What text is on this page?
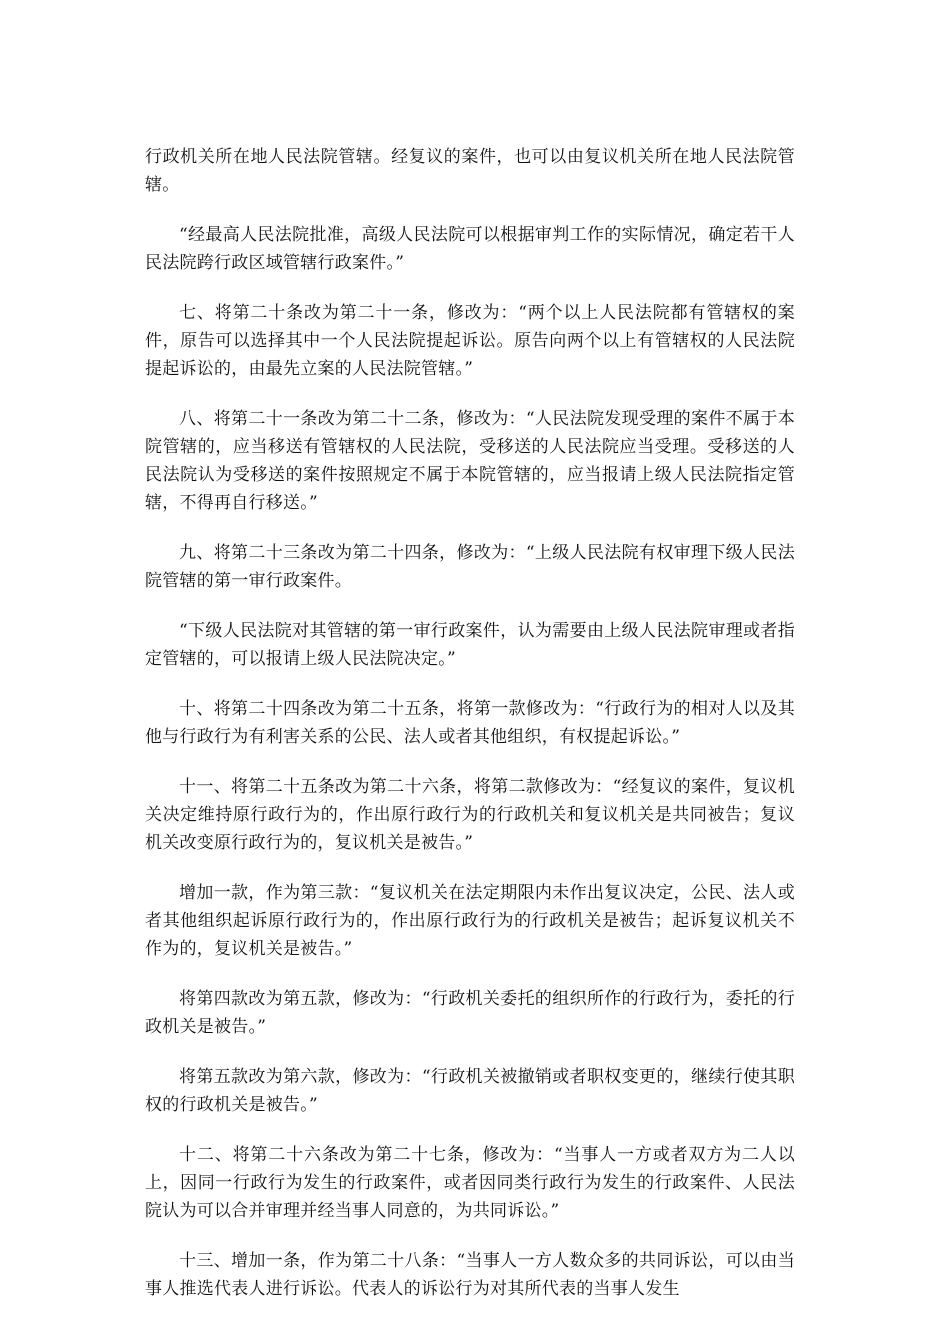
行政机关所在地人民法院管辖。经复议的案件，也可以由复议机关所在地人民法院管辖。

“经最高人民法院批准，高级人民法院可以根据审判工作的实际情况，确定若干人民法院跨行政区域管辖行政案件。”

七、将第二十条改为第二十一条，修改为：“两个以上人民法院都有管辖权的案件，原告可以选择其中一个人民法院提起诉讼。原告向两个以上有管辖权的人民法院提起诉讼的，由最先立案的人民法院管辖。”

八、将第二十一条改为第二十二条，修改为：“人民法院发现受理的案件不属于本院管辖的，应当移送有管辖权的人民法院，受移送的人民法院应当受理。受移送的人民法院认为受移送的案件按照规定不属于本院管辖的，应当报请上级人民法院指定管辖，不得再自行移送。”

九、将第二十三条改为第二十四条，修改为：“上级人民法院有权审理下级人民法院管辖的第一审行政案件。

“下级人民法院对其管辖的第一审行政案件，认为需要由上级人民法院审理或者指定管辖的，可以报请上级人民法院决定。”

十、将第二十四条改为第二十五条，将第一款修改为：“行政行为的相对人以及其他与行政行为有利害关系的公民、法人或者其他组织，有权提起诉讼。”

十一、将第二十五条改为第二十六条，将第二款修改为：“经复议的案件，复议机关决定维持原行政行为的，作出原行政行为的行政机关和复议机关是共同被告；复议机关改变原行政行为的，复议机关是被告。”

增加一款，作为第三款：“复议机关在法定期限内未作出复议决定，公民、法人或者其他组织起诉原行政行为的，作出原行政行为的行政机关是被告；起诉复议机关不作为的，复议机关是被告。”

将第四款改为第五款，修改为：“行政机关委托的组织所作的行政行为，委托的行政机关是被告。”

将第五款改为第六款，修改为：“行政机关被撤销或者职权变更的，继续行使其职权的行政机关是被告。”

十二、将第二十六条改为第二十七条，修改为：“当事人一方或者双方为二人以上，因同一行政行为发生的行政案件，或者因同类行政行为发生的行政案件、人民法院认为可以合并审理并经当事人同意的，为共同诉讼。”

十三、增加一条，作为第二十八条：“当事人一方人数众多的共同诉讼，可以由当事人推选代表人进行诉讼。代表人的诉讼行为对其所代表的当事人发生
